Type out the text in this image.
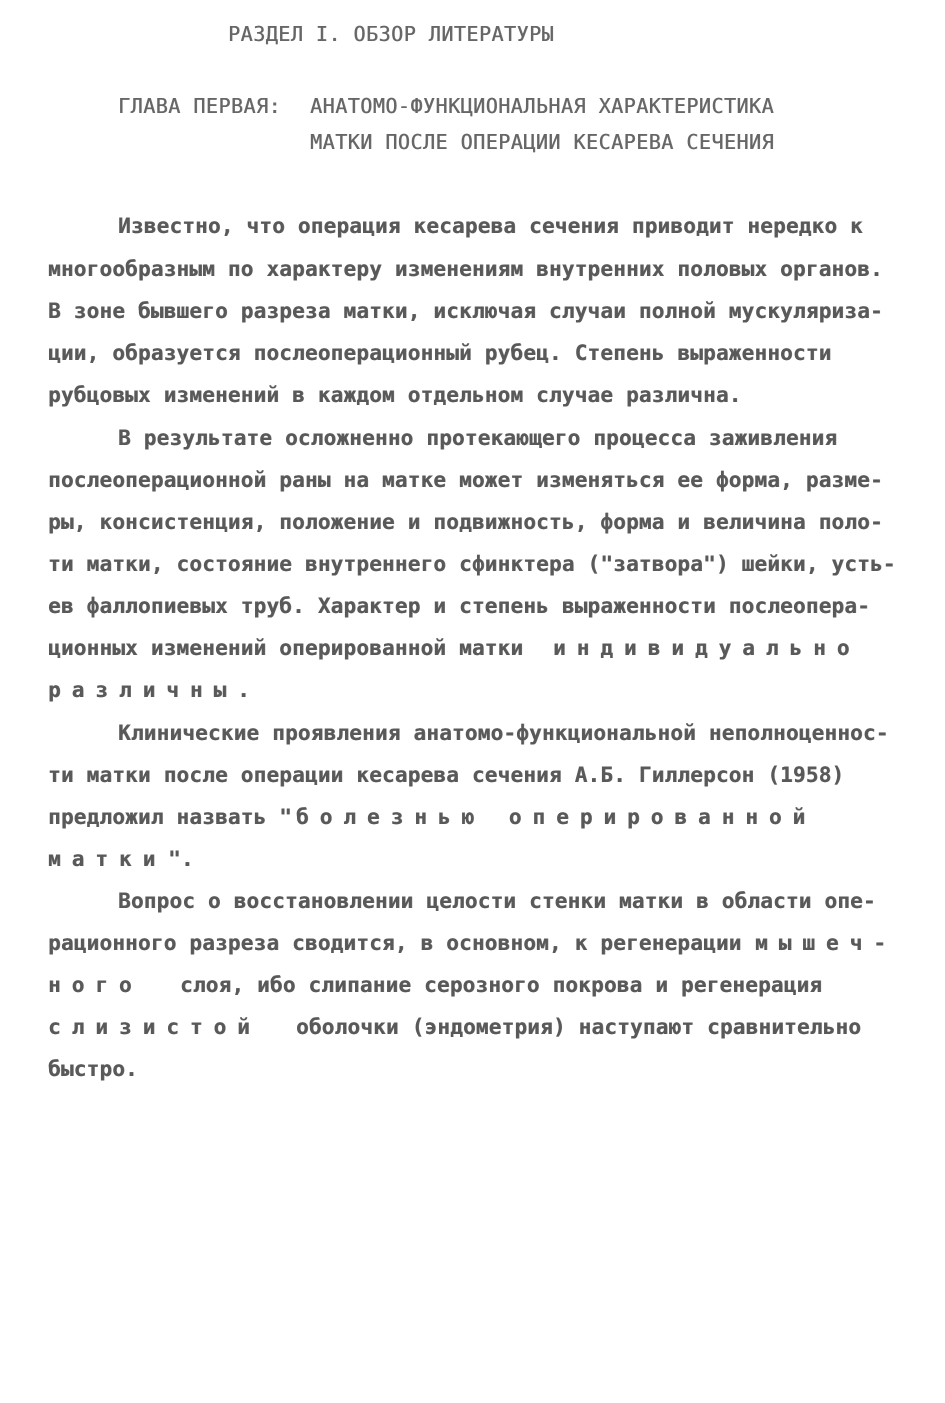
РАЗДЕЛ I. ОБЗОР ЛИТЕРАТУРЫ
ГЛАВА ПЕРВАЯ: АНАТОМО-ФУНКЦИОНАЛЬНАЯ ХАРАКТЕРИСТИКА
МАТКИ ПОСЛЕ ОПЕРАЦИИ КЕСАРЕВА СЕЧЕНИЯ
Известно, что операция кесарева сечения приводит нередко к
многообразным по характеру изменениям внутренних половых органов.
В зоне бывшего разреза матки, исключая случаи полной мускуляриза-
ции, образуется послеоперационный рубец. Степень выраженности
рубцовых изменений в каждом отдельном случае различна.
В результате осложненно протекающего процесса заживления
послеоперационной раны на матке может изменяться ее форма, разме-
ры, консистенция, положение и подвижность, форма и величина поло-
ти матки, состояние внутреннего сфинктера ("затвора") шейки, усть-
ев фаллопиевых труб. Характер и степень выраженности послеопера-
ционных изменений оперированной матки индивидуально
различны.
Клинические проявления анатомо-функциональной неполноценнос-
ти матки после операции кесарева сечения А.Б. Гиллерсон (1958)
предложил назвать " болезнью оперированной
матки ".
Вопрос о восстановлении целости стенки матки в области опе-
рационного разреза сводится, в основном, к регенерации мышеч-
ного слоя, ибо слипание серозного покрова и регенерация
слизистой оболочки (эндометрия) наступают сравнительно
быстро.
